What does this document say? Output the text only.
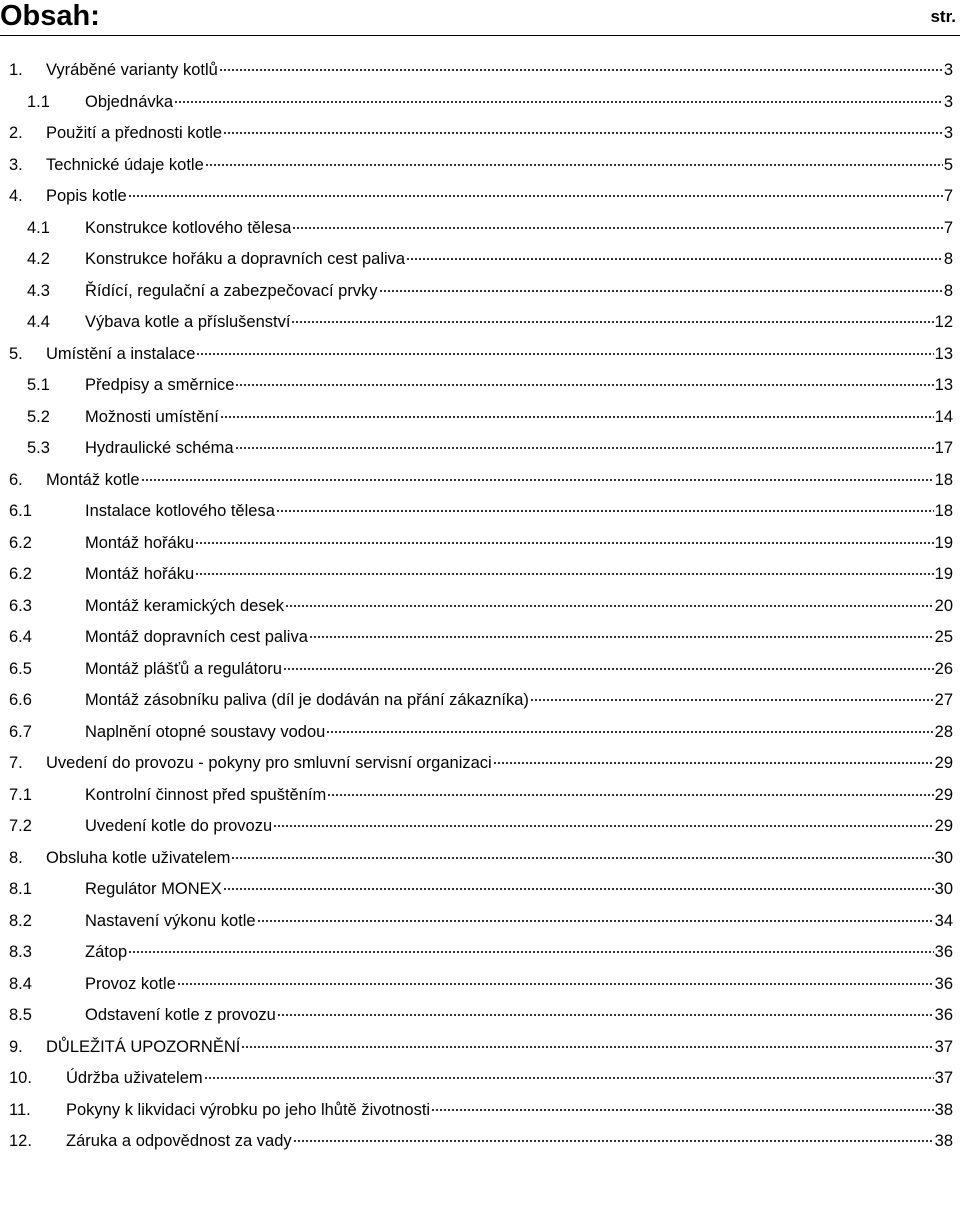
Obsah:	str.
1.	Vyráběné varianty kotlů	3
1.1	Objednávka	3
2.	Použití a přednosti kotle	3
3.	Technické údaje kotle	5
4.	Popis kotle	7
4.1	Konstrukce kotlového tělesa	7
4.2	Konstrukce hořáku a dopravních cest paliva	8
4.3	Řídící, regulační a zabezpečovací prvky	8
4.4	Výbava kotle a příslušenství	12
5.	Umístění a instalace	13
5.1	Předpisy a směrnice	13
5.2	Možnosti umístění	14
5.3	Hydraulické schéma	17
6.	Montáž kotle	18
6.1	Instalace kotlového tělesa	18
6.2	Montáž hořáku	19
6.2	Montáž hořáku	19
6.3	Montáž keramických desek	20
6.4	Montáž dopravních cest paliva	25
6.5	Montáž plášťů a regulátoru	26
6.6	Montáž zásobníku paliva (díl je dodáván na přání zákazníka)	27
6.7	Naplnění otopné soustavy vodou	28
7.	Uvedení do provozu - pokyny pro smluvní servisní organizaci	29
7.1	Kontrolní činnost před spuštěním	29
7.2	Uvedení kotle do provozu	29
8.	Obsluha kotle uživatelem	30
8.1	Regulátor MONEX	30
8.2	Nastavení výkonu kotle	34
8.3	Zátop	36
8.4	Provoz kotle	36
8.5	Odstavení kotle z provozu	36
9.	DŮLEŽITÁ UPOZORNĚNÍ	37
10.	Údržba uživatelem	37
11.	Pokyny k likvidaci výrobku po jeho lhůtě životnosti	38
12.	Záruka a odpovědnost za vady	38
